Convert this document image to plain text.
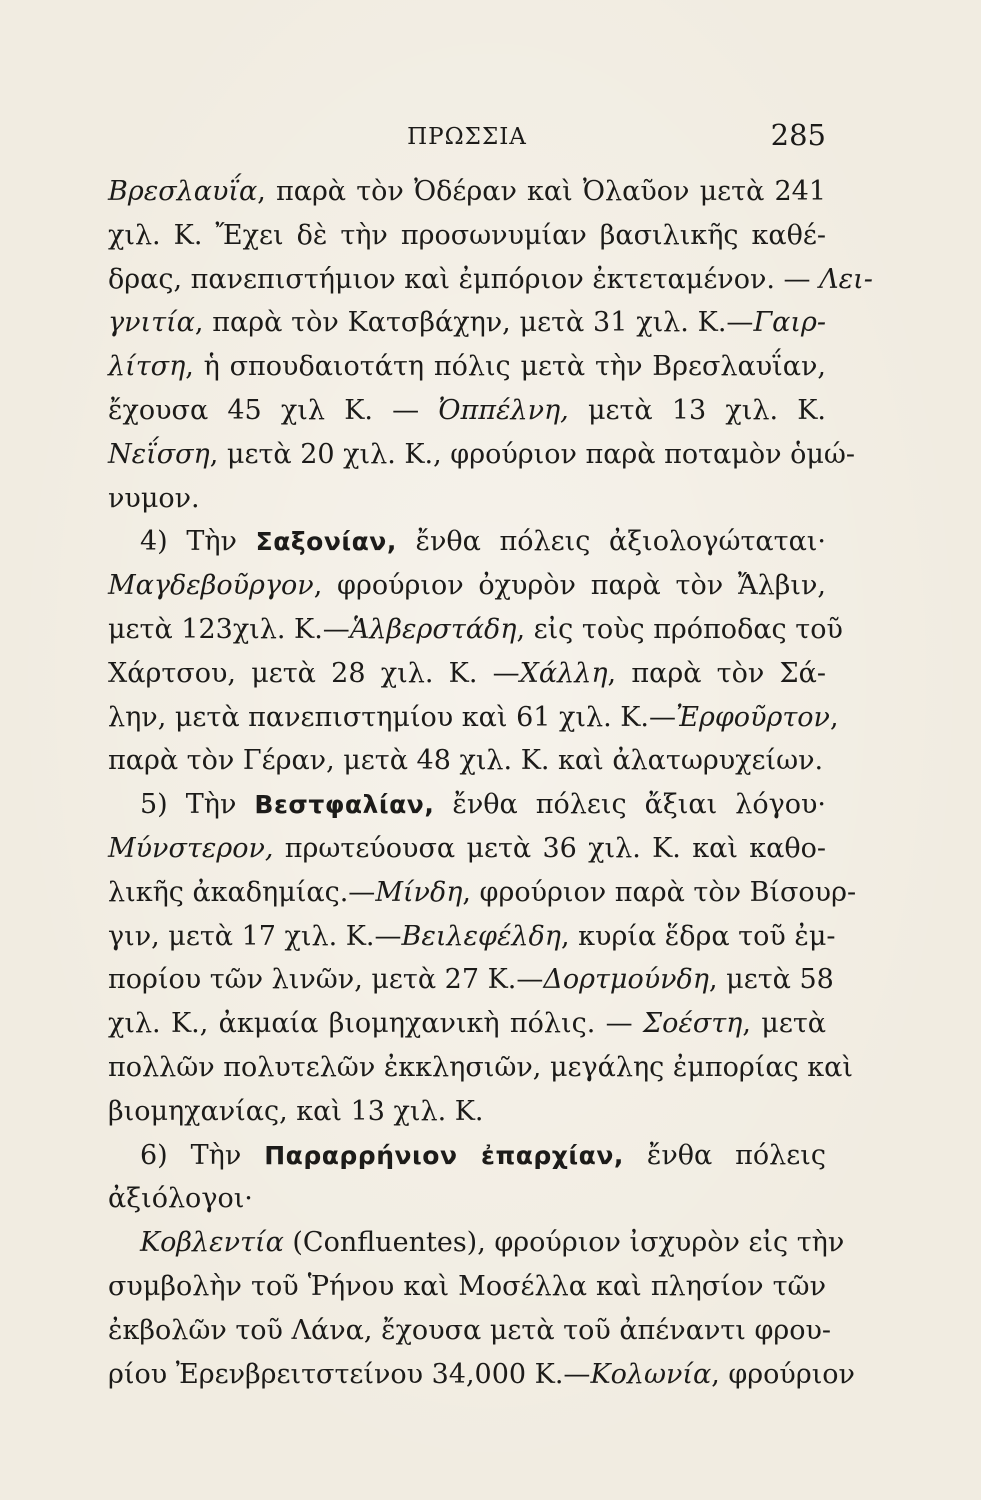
ΠΡΩΣΣΙΑ	285
Βρεσλαυΐα, παρὰ τὸν Ὀδέραν καὶ Ὀλαῦον μετὰ 241
χιλ. Κ. Ἔχει δὲ τὴν προσωνυμίαν βασιλικῆς καθέ-
δρας, πανεπιστήμιον καὶ ἐμπόριον ἐκτεταμένον. — Λει-
γνιτία, παρὰ τὸν Κατσβάχην, μετὰ 31 χιλ. Κ.—Γαιρ-
λίτση, ἡ σπουδαιοτάτη πόλις μετὰ τὴν Βρεσλαυΐαν,
ἔχουσα 45 χιλ Κ. — Ὀππέλνη, μετὰ 13 χιλ. Κ.
Νεΐσση, μετὰ 20 χιλ. Κ., φρούριον παρὰ ποταμὸν ὁμώ-
νυμον.
4) Τὴν Σαξονίαν, ἔνθα πόλεις ἀξιολογώταται·
Μαγδεβοῦργον, φρούριον ὀχυρὸν παρὰ τὸν Ἄλβιν,
μετὰ 123χιλ. Κ.—Ἁλβερστάδη, εἰς τοὺς πρόποδας τοῦ
Χάρτσου, μετὰ 28 χιλ. Κ. —Χάλλη, παρὰ τὸν Σά-
λην, μετὰ πανεπιστημίου καὶ 61 χιλ. Κ.—Ἐρφοῦρτον,
παρὰ τὸν Γέραν, μετὰ 48 χιλ. Κ. καὶ ἀλατωρυχείων.
5) Τὴν Βεστφαλίαν, ἔνθα πόλεις ἄξιαι λόγου·
Μύνστερον, πρωτεύουσα μετὰ 36 χιλ. Κ. καὶ καθο-
λικῆς ἀκαδημίας.—Μίνδη, φρούριον παρὰ τὸν Βίσουρ-
γιν, μετὰ 17 χιλ. Κ.—Βειλεφέλδη, κυρία ἕδρα τοῦ ἐμ-
πορίου τῶν λινῶν, μετὰ 27 Κ.—Δορτμούνδη, μετὰ 58
χιλ. Κ., ἀκμαία βιομηχανικὴ πόλις. — Σοέστη, μετὰ
πολλῶν πολυτελῶν ἐκκλησιῶν, μεγάλης ἐμπορίας καὶ
βιομηχανίας, καὶ 13 χιλ. Κ.
6) Τὴν Παραρρήνιον ἐπαρχίαν, ἔνθα πόλεις
ἀξιόλογοι·
Κοβλεντία (Confluentes), φρούριον ἰσχυρὸν εἰς τὴν
συμβολὴν τοῦ Ῥήνου καὶ Μοσέλλα καὶ πλησίον τῶν
ἐκβολῶν τοῦ Λάνα, ἔχουσα μετὰ τοῦ ἀπέναντι φρου-
ρίου Ἐρενβρειτστείνου 34,000 Κ.—Κολωνία, φρούριον
